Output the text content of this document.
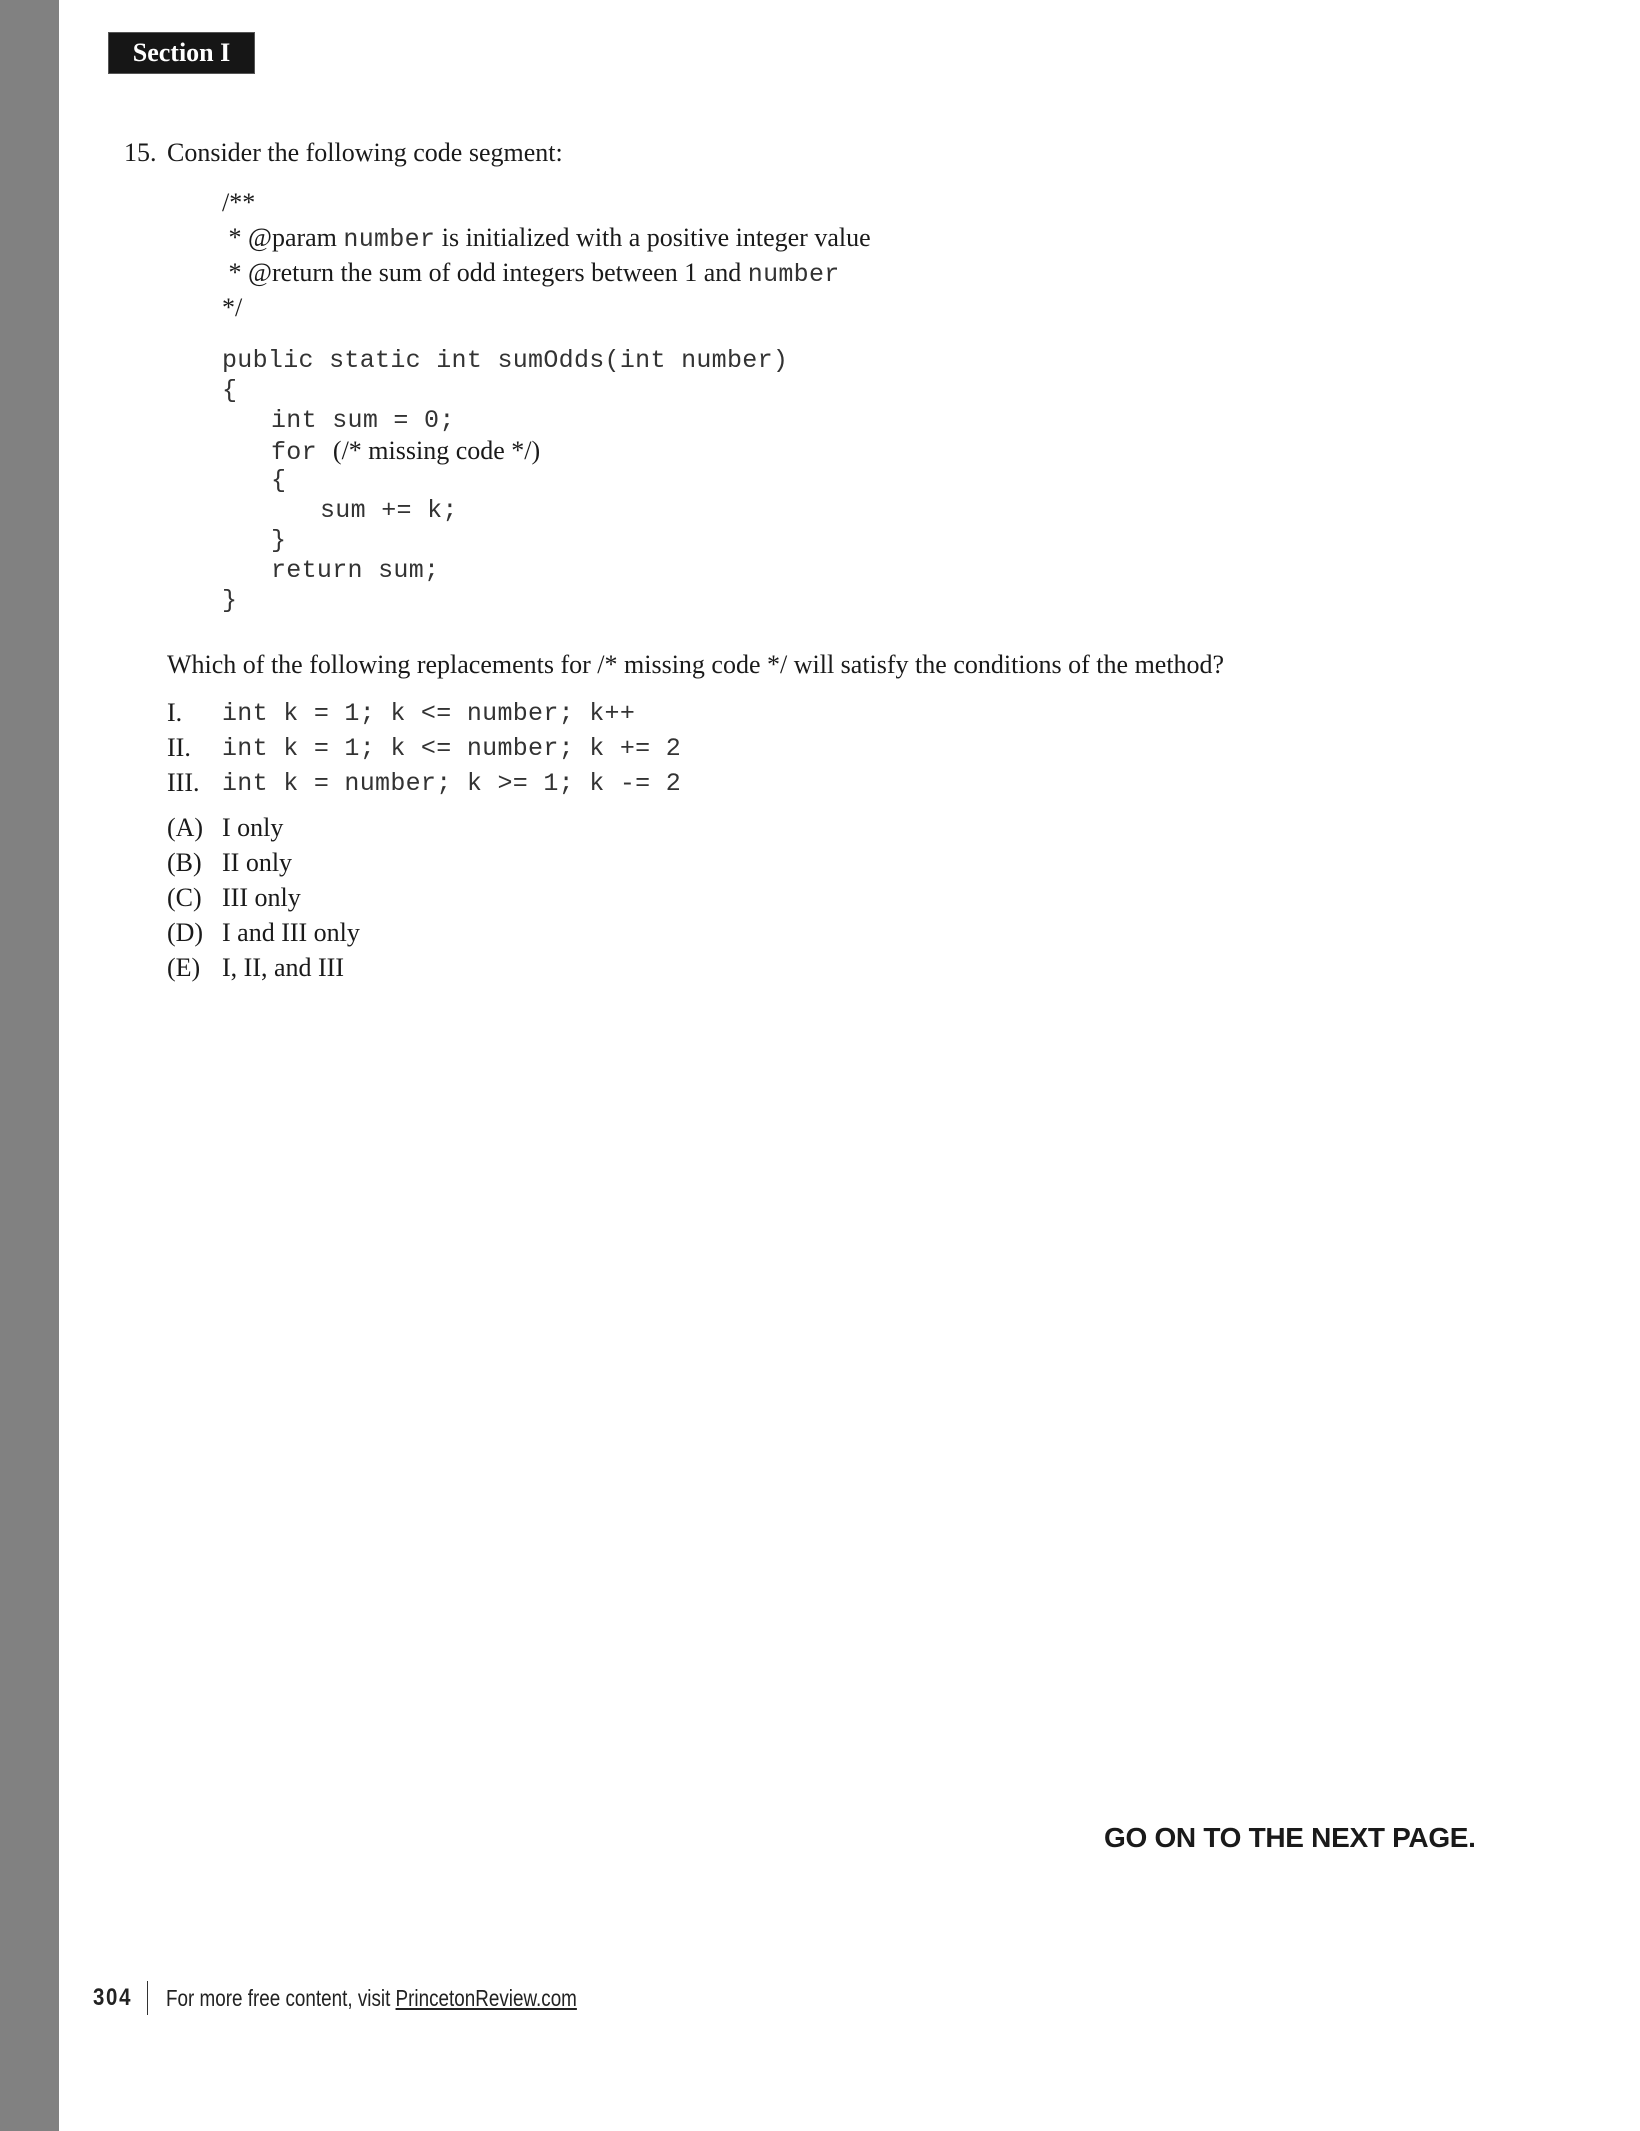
Section I
15. Consider the following code segment:
/**
* @param number is initialized with a positive integer value
* @return the sum of odd integers between 1 and number
*/
public static int sumOdds(int number)
{
int sum = 0;
for (/* missing code */)
{
sum += k;
}
return sum;
}
Which of the following replacements for /* missing code */ will satisfy the conditions of the method?
I. int k = 1; k <= number; k++
II. int k = 1; k <= number; k += 2
III. int k = number; k >= 1; k -= 2
(A) I only
(B) II only
(C) III only
(D) I and III only
(E) I, II, and III
GO ON TO THE NEXT PAGE.
304 For more free content, visit PrincetonReview.com
